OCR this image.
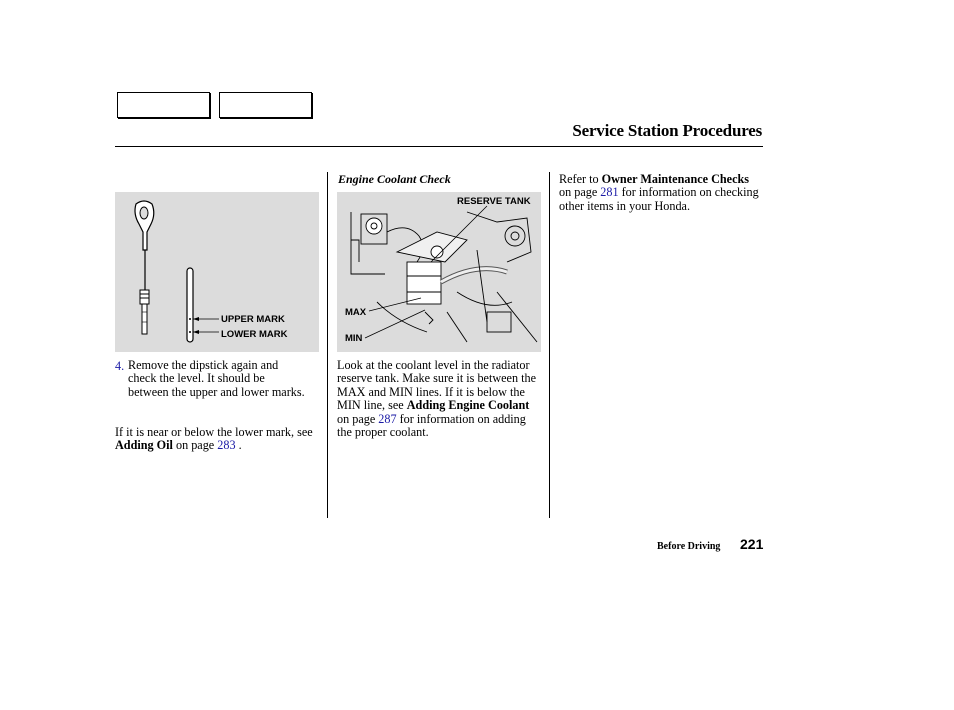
Service Station Procedures
UPPER MARK
LOWER MARK
4. Remove the dipstick again and check the level. It should be between the upper and lower marks.
If it is near or below the lower mark, see Adding Oil on page 283 .
Engine Coolant Check
RESERVE TANK
MAX
MIN
Look at the coolant level in the radiator reserve tank. Make sure it is between the MAX and MIN lines. If it is below the MIN line, see Adding Engine Coolant on page 287 for information on adding the proper coolant.
Refer to Owner Maintenance Checks on page 281 for information on checking other items in your Honda.
Before Driving 221
